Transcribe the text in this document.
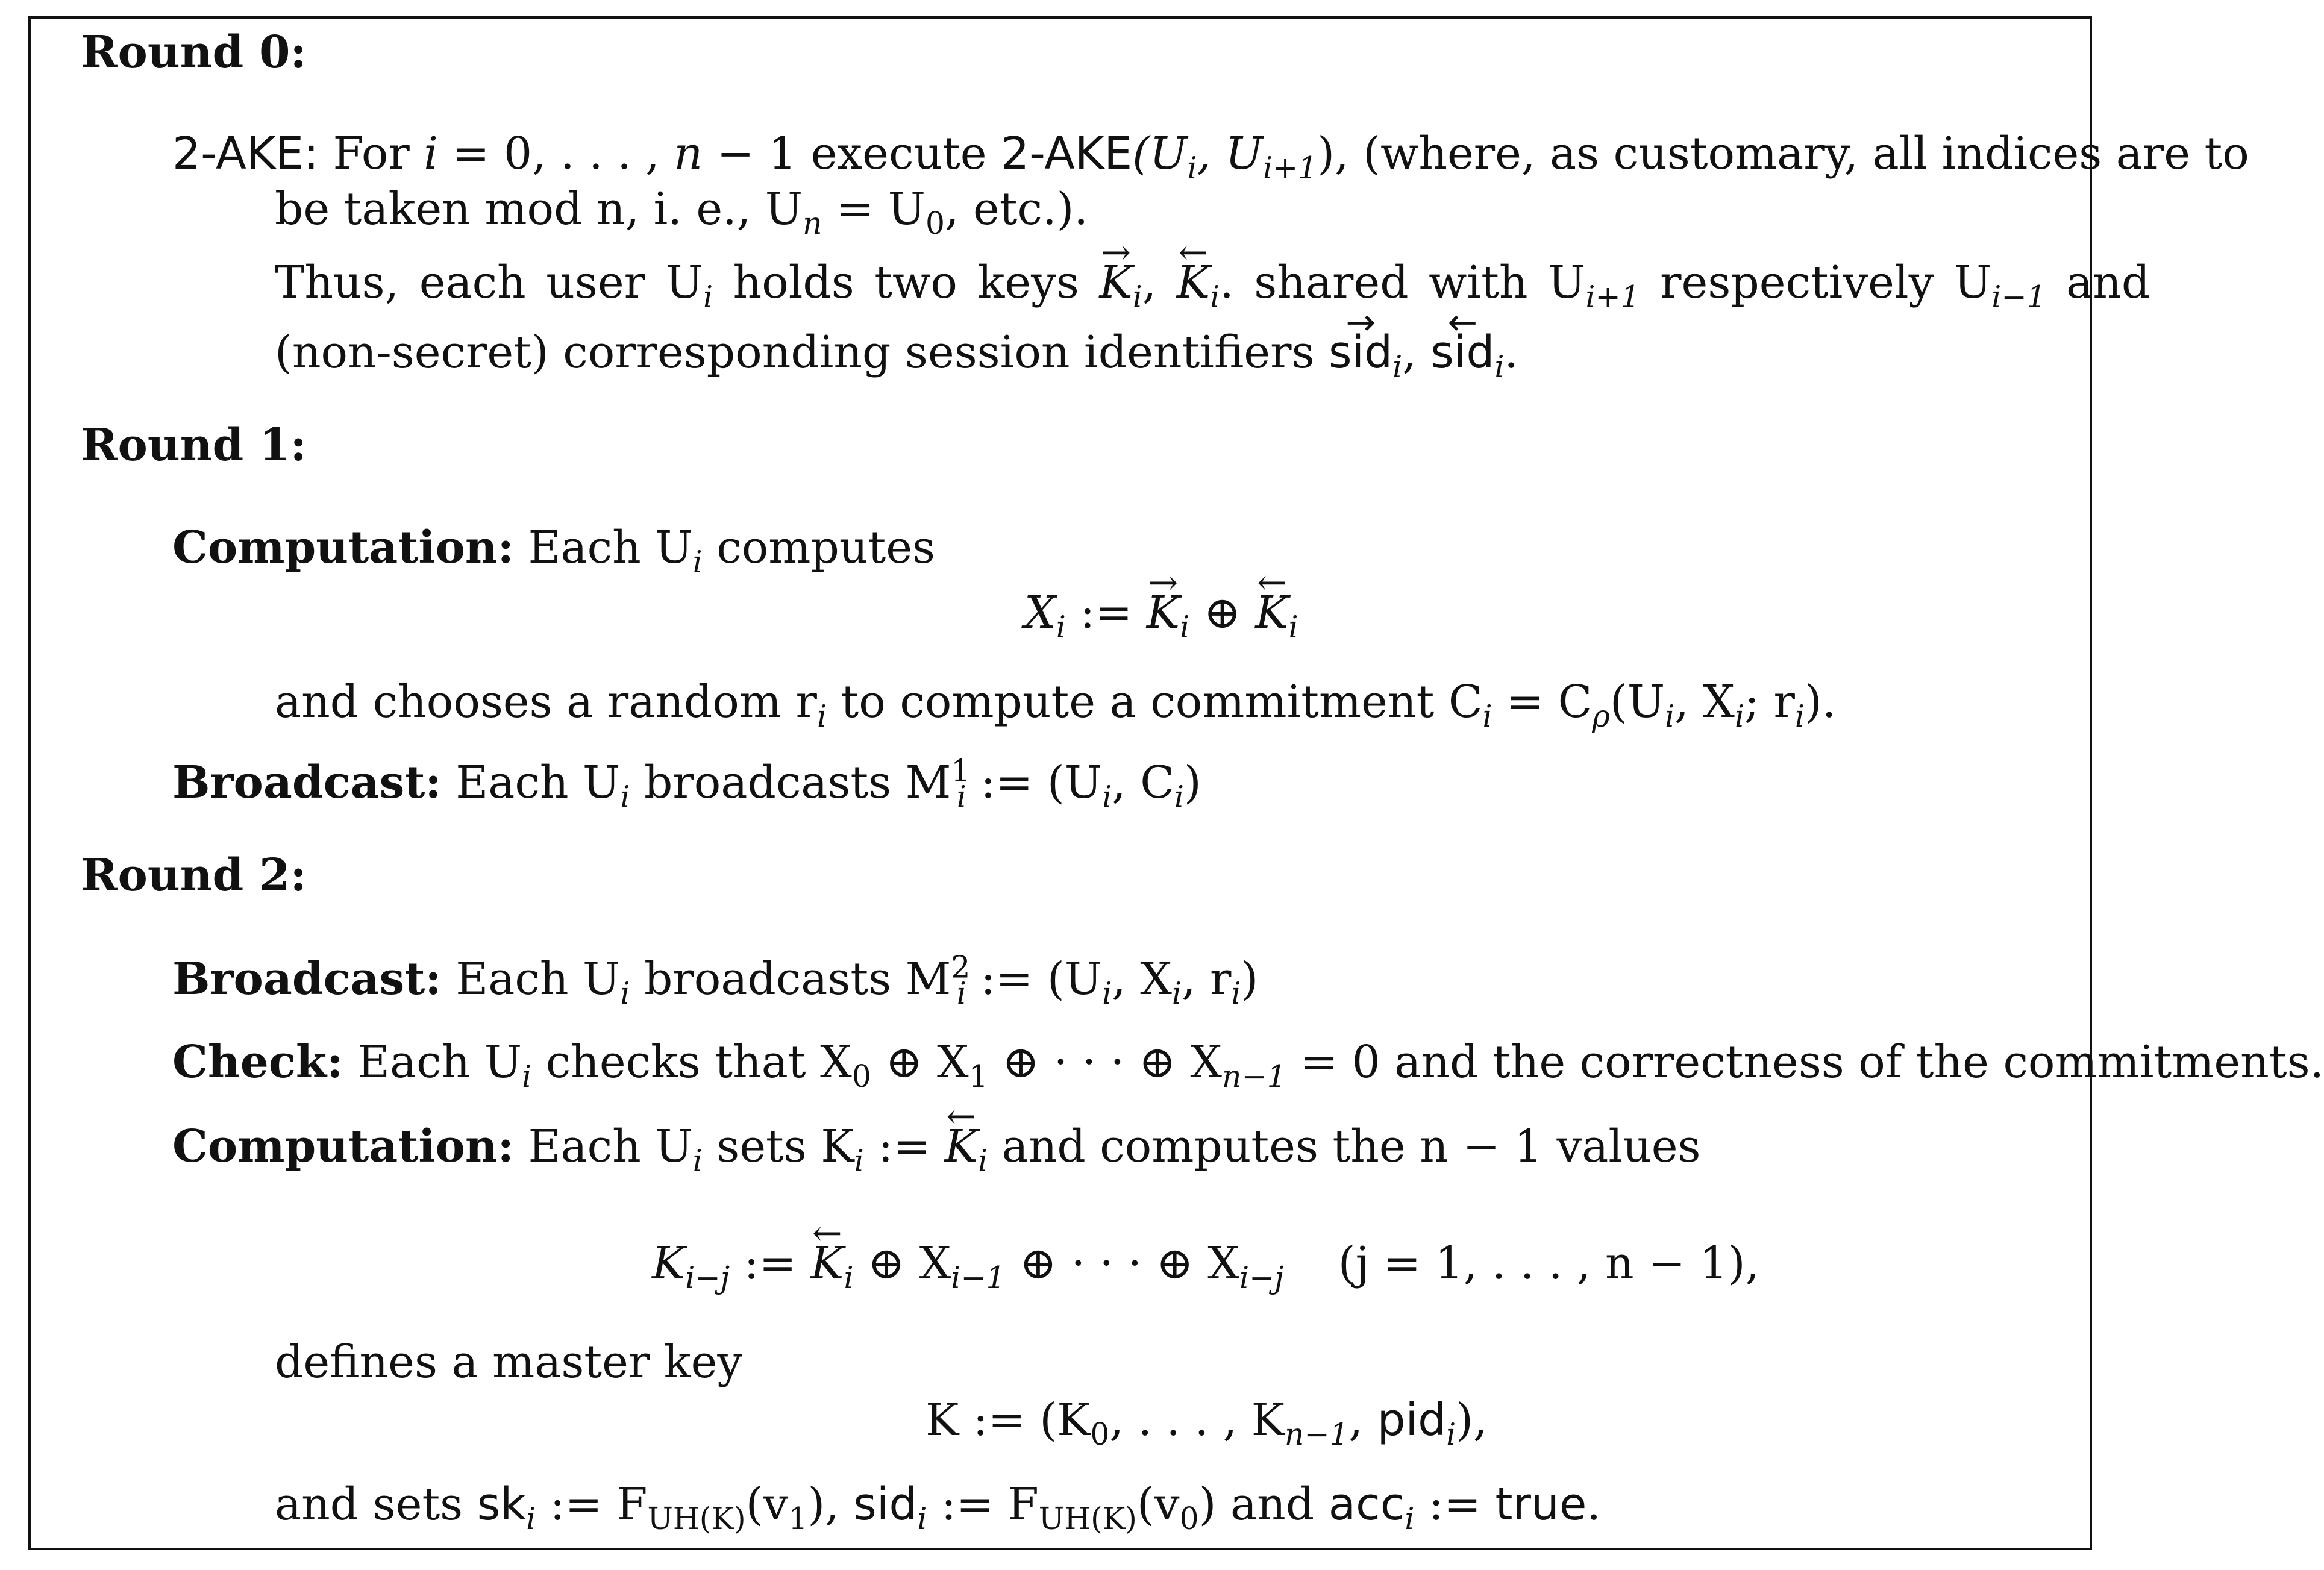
Round 0:
2-AKE: For i = 0, . . . , n − 1 execute $2-AKE(U_i$, $U_{i+1}$), (where, as customary, all indices are to
be taken mod n, i. e., $U_n = U_0$, etc.).
Thus, each user $U_i$ holds two keys → $K_i$, ← $K_i$. shared with $U_{i+1}$ respectively $U_{i-1}$ and
(non-secret) corresponding session identifiers → sid$_i$, ← sid$_i$.
Round 1:
Computation: Each $U_i$ computes
$X_i$ := → $K_i$ ⊕ ← $K_i$
and chooses a random $r_i$ to compute a commitment $C_i = C_\rho(U_i$, $X_i$; $r_i$).
Broadcast: Each $U_i$ broadcasts $M^1_i$ := ($U_i$, $C_i$)
Round 2:
Broadcast: Each $U_i$ broadcasts $M^2_i$ := ($U_i$, $X_i$, $r_i$)
Check: Each $U_i$ checks that $X_0$ ⊕ $X_1$ ⊕ · · · ⊕ $X_{n-1} = 0$ and the correctness of the commitments.
Computation: Each $U_i$ sets $K_i$ := ← $K_i$ and computes the n − 1 values
$K_{i-j}$ := ← $K_i$ ⊕ $X_{i-1}$ ⊕ · · · ⊕ $X_{i-j}$ (j = 1, . . . , n − 1),
defines a master key
K := ($K_0$, . . . , $K_{n-1}$, pid$_i$),
and sets $sk_i$ := $F_{UH(K)}(v_1)$, sid$_i$ := $F_{UH(K)}(v_0)$ and acc$_i$ := true.
